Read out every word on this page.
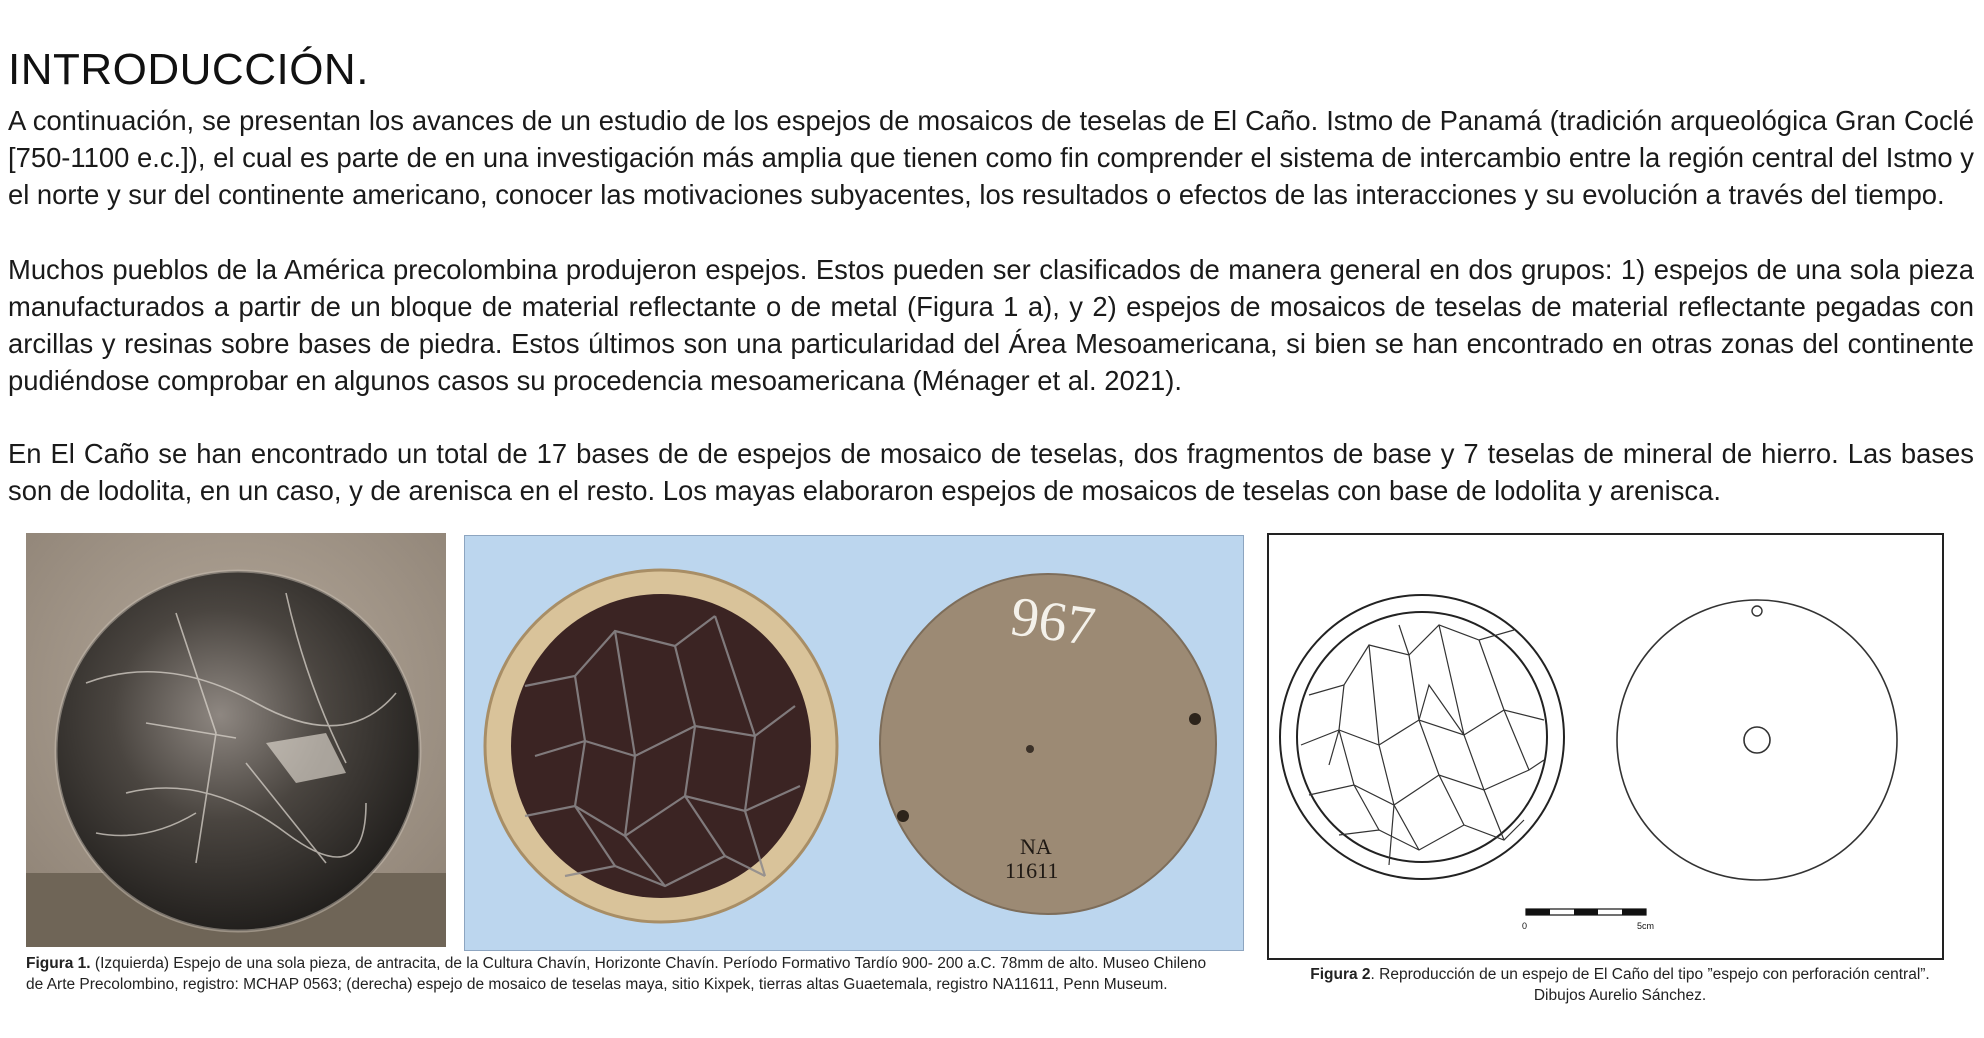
INTRODUCCIÓN.

A continuación, se presentan los avances de un estudio de los espejos de mosaicos de teselas de El Caño. Istmo de Panamá (tradición arqueológica Gran Coclé [750-1100 e.c.]), el cual es parte de en una investigación más amplia que tienen como fin comprender el sistema de intercambio entre la región central del Istmo y el norte y sur del continente americano, conocer las motivaciones subyacentes, los resultados o efectos de las interacciones y su evolución a través del tiempo.

Muchos pueblos de la América precolombina produjeron espejos. Estos pueden ser clasificados de manera general en dos grupos: 1) espejos de una sola pieza manufacturados a partir de un bloque de material reflectante o de metal (Figura 1 a), y 2) espejos de mosaicos de teselas de material reflectante pegadas con arcillas y resinas sobre bases de piedra. Estos últimos son una particularidad del Área Mesoamericana, si bien se han encontrado en otras zonas del continente pudiéndose comprobar en algunos casos su procedencia mesoamericana (Ménager et al. 2021).

En El Caño se han encontrado un total de 17 bases de de espejos de mosaico de teselas, dos fragmentos de base y 7 teselas de mineral de hierro. Las bases son de lodolita, en un caso, y de arenisca en el resto. Los mayas elaboraron espejos de mosaicos de teselas con base de lodolita y arenisca.

967
NA
11611
0	5cm
Figura 1. (Izquierda) Espejo de una sola pieza, de antracita, de la Cultura Chavín, Horizonte Chavín. Período Formativo Tardío 900- 200 a.C. 78mm de alto. Museo Chileno de Arte Precolombino, registro: MCHAP 0563; (derecha) espejo de mosaico de teselas maya, sitio Kixpek, tierras altas Guaetemala, registro NA11611, Penn Museum.
Figura 2. Reproducción de un espejo de El Caño del tipo ”espejo con perforación central”. Dibujos Aurelio Sánchez.
